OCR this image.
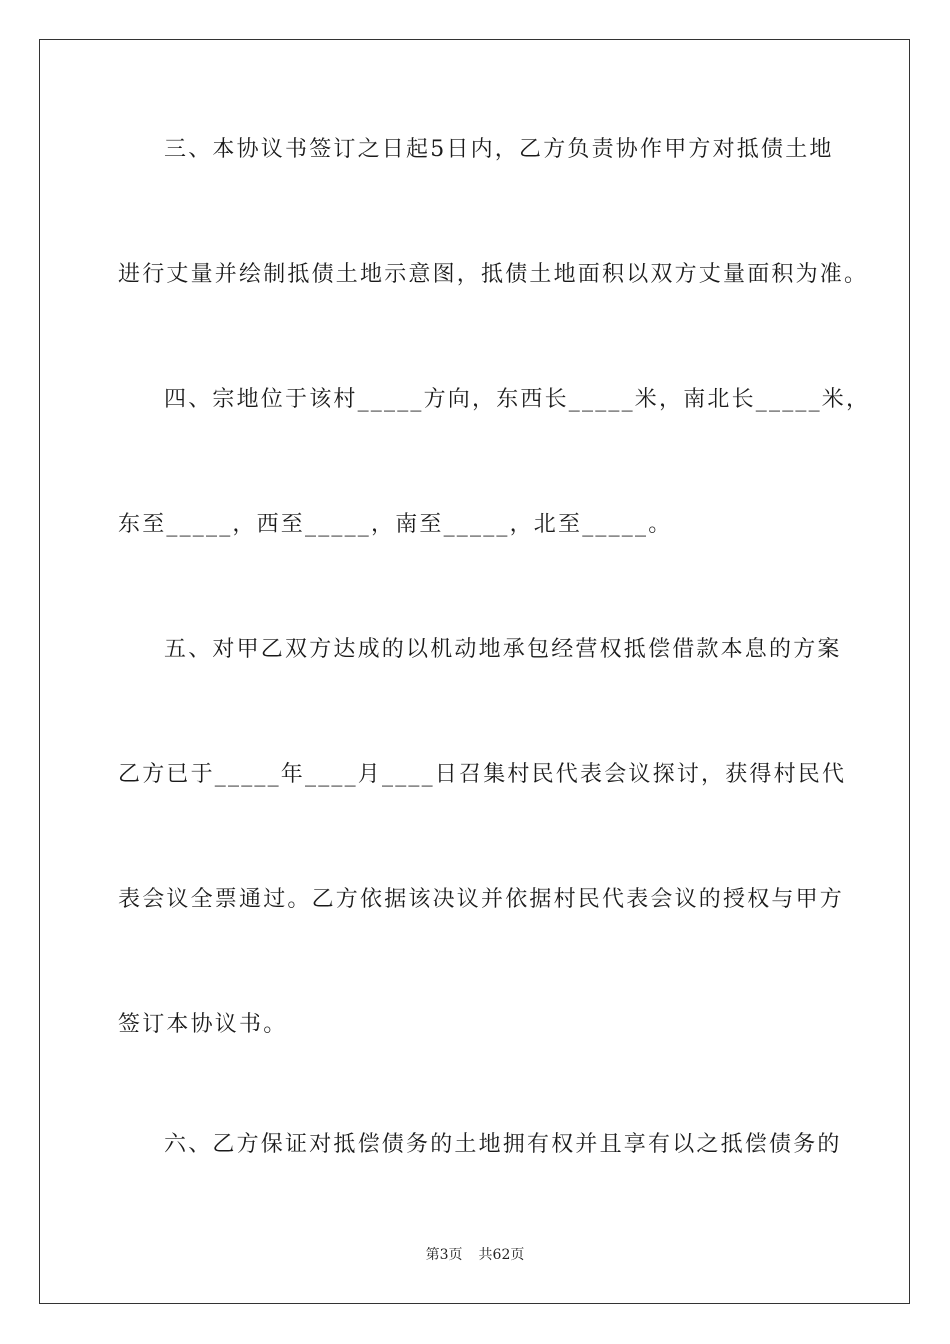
三、本协议书签订之日起5日内，乙方负责协作甲方对抵债土地
进行丈量并绘制抵债土地示意图，抵债土地面积以双方丈量面积为准。
四、宗地位于该村_____方向，东西长_____米，南北长_____米，
东至_____，西至_____，南至_____，北至_____。
五、对甲乙双方达成的以机动地承包经营权抵偿借款本息的方案
乙方已于_____年____月____日召集村民代表会议探讨，获得村民代
表会议全票通过。乙方依据该决议并依据村民代表会议的授权与甲方
签订本协议书。
六、乙方保证对抵偿债务的土地拥有权并且享有以之抵偿债务的
第3页 共62页
